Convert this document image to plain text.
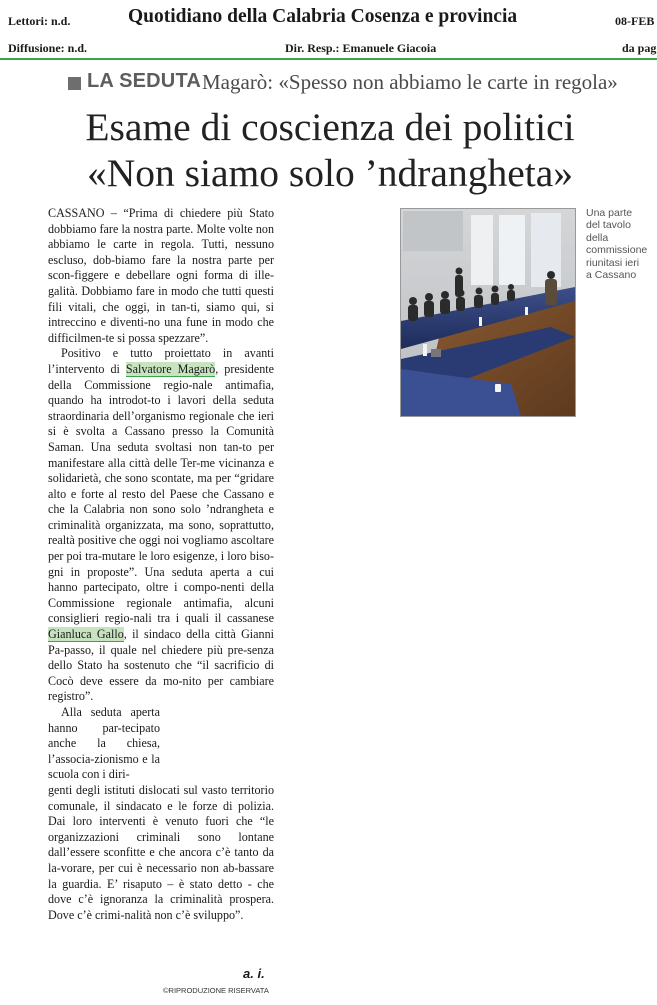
Lettori: n.d.	Quotidiano della Calabria Cosenza e provincia	08-FEB
Diffusione: n.d.	Dir. Resp.: Emanuele Giacoia	da pag
LA SEDUTA Magarò: «Spesso non abbiamo le carte in regola»
Esame di coscienza dei politici
«Non siamo solo ’ndrangheta»

CASSANO – “Prima di chiedere più Stato dobbiamo fare la nostra parte. Molte volte non abbiamo le carte in regola. Tutti, nessuno escluso, dob-biamo fare la nostra parte per scon-figgere e debellare ogni forma di ille-galità. Dobbiamo fare in modo che tutti questi fili vitali, che oggi, in tan-ti, siamo qui, si intreccino e diventi-no una fune in modo che difficilmen-te si possa spezzare”.

Positivo e tutto proiettato in avanti l’intervento di Salvatore Magarò, presidente della Commissione regio-nale antimafia, quando ha introdot-to i lavori della seduta straordinaria dell’organismo regionale che ieri si è svolta a Cassano presso la Comunità Saman. Una seduta svoltasi non tan-to per manifestare alla città delle Ter-me vicinanza e solidarietà, che sono scontate, ma per “gridare alto e forte al resto del Paese che Cassano e che la Calabria non sono solo ’ndrangheta e criminalità organizzata, ma sono, soprattutto, realtà positive che oggi noi vogliamo ascoltare per poi tra-mutare le loro esigenze, i loro biso-gni in proposte”. Una seduta aperta a cui hanno partecipato, oltre i compo-nenti della Commissione regionale antimafia, alcuni consiglieri regio-nali tra i quali il cassanese Gianluca Gallo, il sindaco della città Gianni Pa-passo, il quale nel chiedere più pre-senza dello Stato ha sostenuto che “il sacrificio di Cocò deve essere da mo-nito per cambiare registro”.

Alla seduta aperta hanno par-tecipato anche la chiesa, l’associa-zionismo e la scuola con i diri-

genti degli istituti dislocati sul vasto territorio comunale, il sindacato e le forze di polizia. Dai loro interventi è venuto fuori che “le organizzazioni criminali sono lontane dall’essere sconfitte e che ancora c’è tanto da la-vorare, per cui è necessario non ab-bassare la guardia. E’ risaputo – è stato detto - che dove c’è ignoranza la criminalità prospera. Dove c’è crimi-nalità non c’è sviluppo”.

a. i.
©RIPRODUZIONE RISERVATA
Una parte
del tavolo
della
commissione
riunitasi ieri
a Cassano
